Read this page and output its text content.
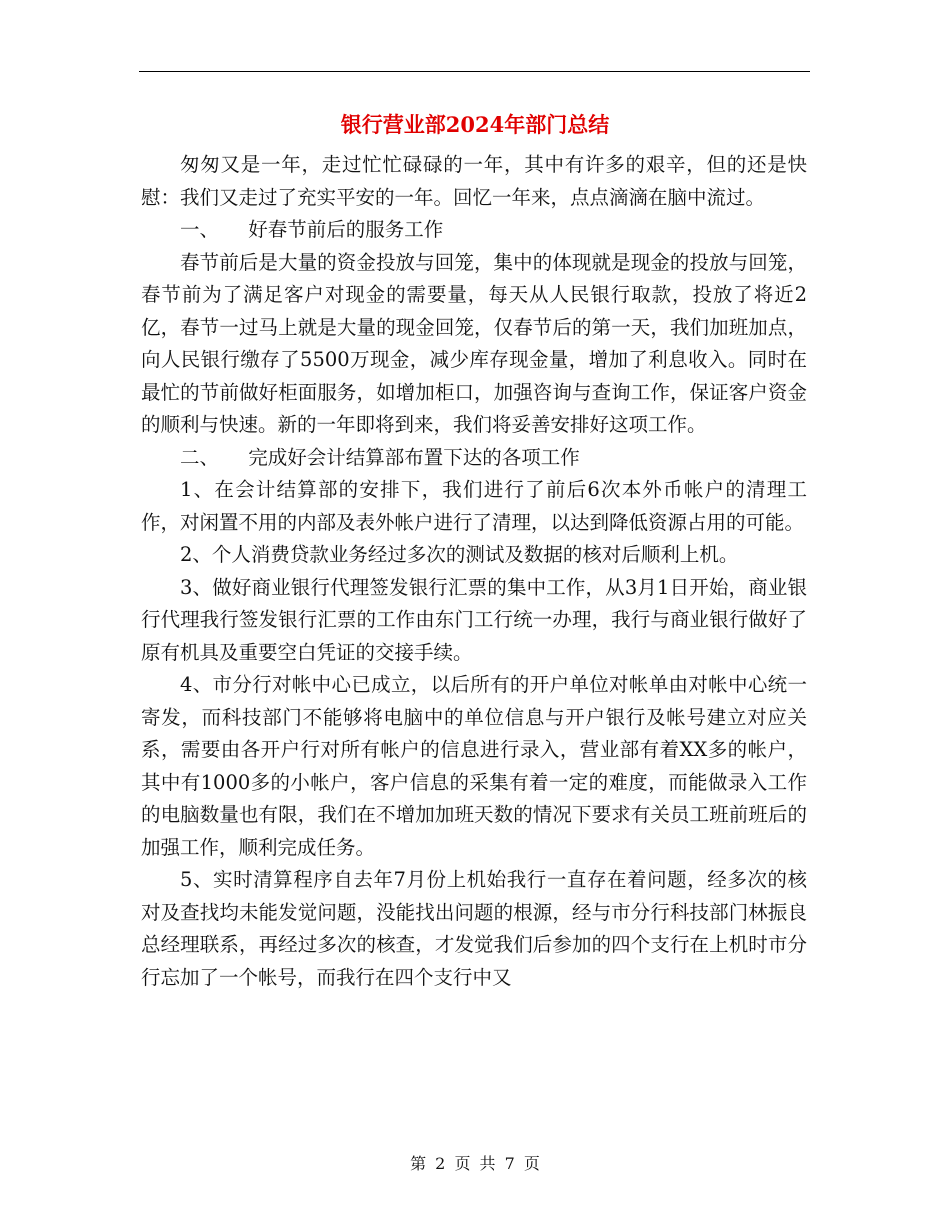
银行营业部2024年部门总结

匆匆又是一年，走过忙忙碌碌的一年，其中有许多的艰辛，但的还是快慰：我们又走过了充实平安的一年。回忆一年来，点点滴滴在脑中流过。

一、　　好春节前后的服务工作

春节前后是大量的资金投放与回笼，集中的体现就是现金的投放与回笼，春节前为了满足客户对现金的需要量，每天从人民银行取款，投放了将近2亿，春节一过马上就是大量的现金回笼，仅春节后的第一天，我们加班加点，向人民银行缴存了5500万现金，减少库存现金量，增加了利息收入。同时在最忙的节前做好柜面服务，如增加柜口，加强咨询与查询工作，保证客户资金的顺利与快速。新的一年即将到来，我们将妥善安排好这项工作。

二、　　完成好会计结算部布置下达的各项工作

1、在会计结算部的安排下，我们进行了前后6次本外币帐户的清理工作，对闲置不用的内部及表外帐户进行了清理，以达到降低资源占用的可能。

2、个人消费贷款业务经过多次的测试及数据的核对后顺利上机。

3、做好商业银行代理签发银行汇票的集中工作，从3月1日开始，商业银行代理我行签发银行汇票的工作由东门工行统一办理，我行与商业银行做好了原有机具及重要空白凭证的交接手续。

4、市分行对帐中心已成立，以后所有的开户单位对帐单由对帐中心统一寄发，而科技部门不能够将电脑中的单位信息与开户银行及帐号建立对应关系，需要由各开户行对所有帐户的信息进行录入，营业部有着XX多的帐户，其中有1000多的小帐户，客户信息的采集有着一定的难度，而能做录入工作的电脑数量也有限，我们在不增加加班天数的情况下要求有关员工班前班后的加强工作，顺利完成任务。

5、实时清算程序自去年7月份上机始我行一直存在着问题，经多次的核对及查找均未能发觉问题，没能找出问题的根源，经与市分行科技部门林振良总经理联系，再经过多次的核查，才发觉我们后参加的四个支行在上机时市分行忘加了一个帐号，而我行在四个支行中又

第 2 页 共 7 页
